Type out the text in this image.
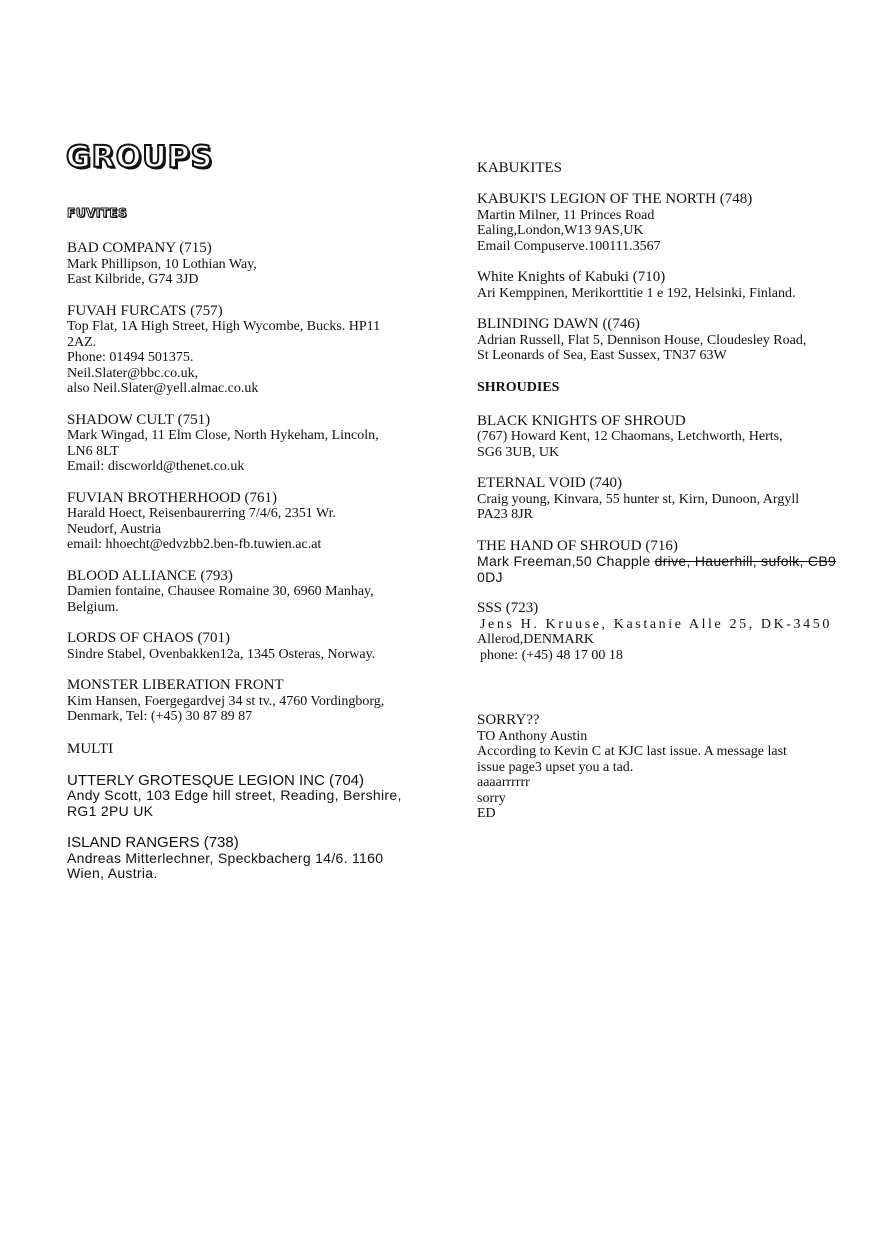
GROUPS
FUVITES
BAD COMPANY (715)
Mark Phillipson, 10 Lothian Way,
East Kilbride, G74 3JD
FUVAH FURCATS (757)
Top Flat, 1A High Street, High Wycombe, Bucks. HP11
2AZ.
Phone: 01494 501375.
Neil.Slater@bbc.co.uk,
also Neil.Slater@yell.almac.co.uk
SHADOW CULT (751)
Mark Wingad, 11 Elm Close, North Hykeham, Lincoln,
LN6 8LT
Email: discworld@thenet.co.uk
FUVIAN BROTHERHOOD (761)
Harald Hoect, Reisenbaurerring 7/4/6, 2351 Wr.
Neudorf, Austria
email: hhoecht@edvzbb2.ben-fb.tuwien.ac.at
BLOOD ALLIANCE (793)
Damien fontaine, Chausee Romaine 30, 6960 Manhay,
Belgium.
LORDS OF CHAOS (701)
Sindre Stabel, Ovenbakken12a, 1345 Osteras, Norway.
MONSTER LIBERATION FRONT
Kim Hansen, Foergegardvej 34 st tv., 4760 Vordingborg,
Denmark, Tel: (+45) 30 87 89 87
MULTI
UTTERLY GROTESQUE LEGION INC (704)
Andy Scott, 103 Edge hill street, Reading, Bershire,
RG1 2PU UK
ISLAND RANGERS (738)
Andreas Mitterlechner, Speckbacherg 14/6. 1160
Wien, Austria.
KABUKITES
KABUKI'S LEGION OF THE NORTH (748)
Martin Milner, 11 Princes Road
Ealing,London,W13 9AS,UK
Email Compuserve.100111.3567
White Knights of Kabuki (710)
Ari Kemppinen, Merikorttitie 1 e 192, Helsinki, Finland.
BLINDING DAWN ((746)
Adrian Russell, Flat 5, Dennison House, Cloudesley Road,
St Leonards of Sea, East Sussex, TN37 63W
SHROUDIES
BLACK KNIGHTS OF SHROUD
(767) Howard Kent, 12 Chaomans, Letchworth, Herts,
SG6 3UB, UK
ETERNAL VOID (740)
Craig young, Kinvara, 55 hunter st, Kirn, Dunoon, Argyll
PA23 8JR
THE HAND OF SHROUD (716)
Mark Freeman,50 Chapple drive, Hauerhill, sufolk, CB9
0DJ
SSS (723)
Jens H. Kruuse, Kastanie Alle 25, DK-3450
Allerod,DENMARK
phone: (+45) 48 17 00 18
SORRY??
TO Anthony Austin
According to Kevin C at KJC last issue. A message last
issue page3 upset you a tad.
aaaarrrrrr
sorry
ED
